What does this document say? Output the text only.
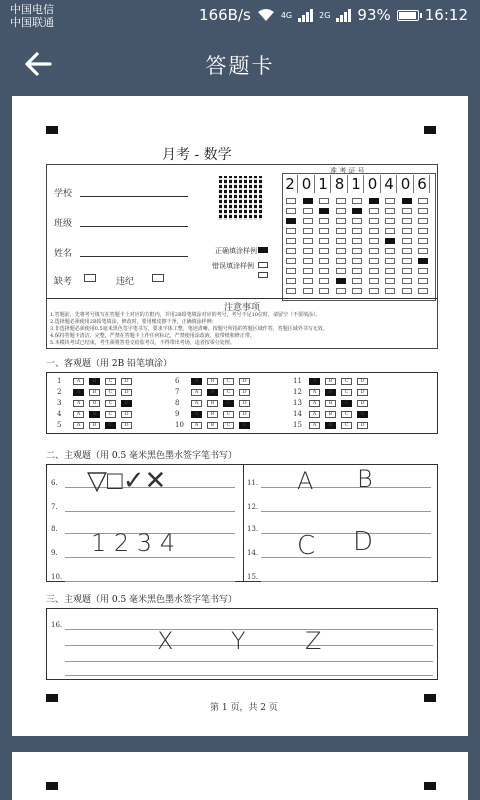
中国电信
中国联通	166B/s	4G	2G 93% 16:12
答题卡
月考 - 数学
学校
班级
姓名
缺考	违纪
正确填涂样例
错误填涂样例
准 考 证 号
2 0 1 8 1 0 4 0 6
注意事项
1.答题前，先将考号填写在答题卡上对应的方框内，并用2B铅笔填涂对应的考号，考号不足10位时，请留空（不要填涂）。
2.选择题必须使用2B铅笔填涂，修改时，要用橡皮擦干净，正确填涂样例：
3.非选择题必须使用0.5毫米黑色签字笔书写，要求字体工整，笔迹清晰。按题号所指的答题区域作答，答题区域外书写无效。
4.保持答题卡清洁、完整，严禁在答题卡上作任何标记，严禁使用涂改液、胶带纸和修正带。
5.本模块考试已结束，考生须将答卷交给监考员，不得带出考场，违者按零分处理。
一、客观题（用 2B 铅笔填涂）
1	A	B	C	D
2	A	B	C	D
3	A	B	C	D
4	A	B	C	D
5	A	B	C	D
6	A	B	C	D
7	A	B	C	D
8	A	B	C	D
9	A	B	C	D
10	A	B	C	D
11	A	B	C	D
12	A	B	C	D
13	A	B	C	D
14	A	B	C	D
15	A	B	C	D
二、主观题（用 0.5 毫米黑色墨水签字笔书写）
6.
7.
8.
9.
10.
11.
12.
13.
14.
15.
▽□✓✕	A B
1 2 3 4	C D
三、主观题（用 0.5 毫米黑色墨水签字笔书写）
16.
X Y Z
第 1 页，共 2 页
